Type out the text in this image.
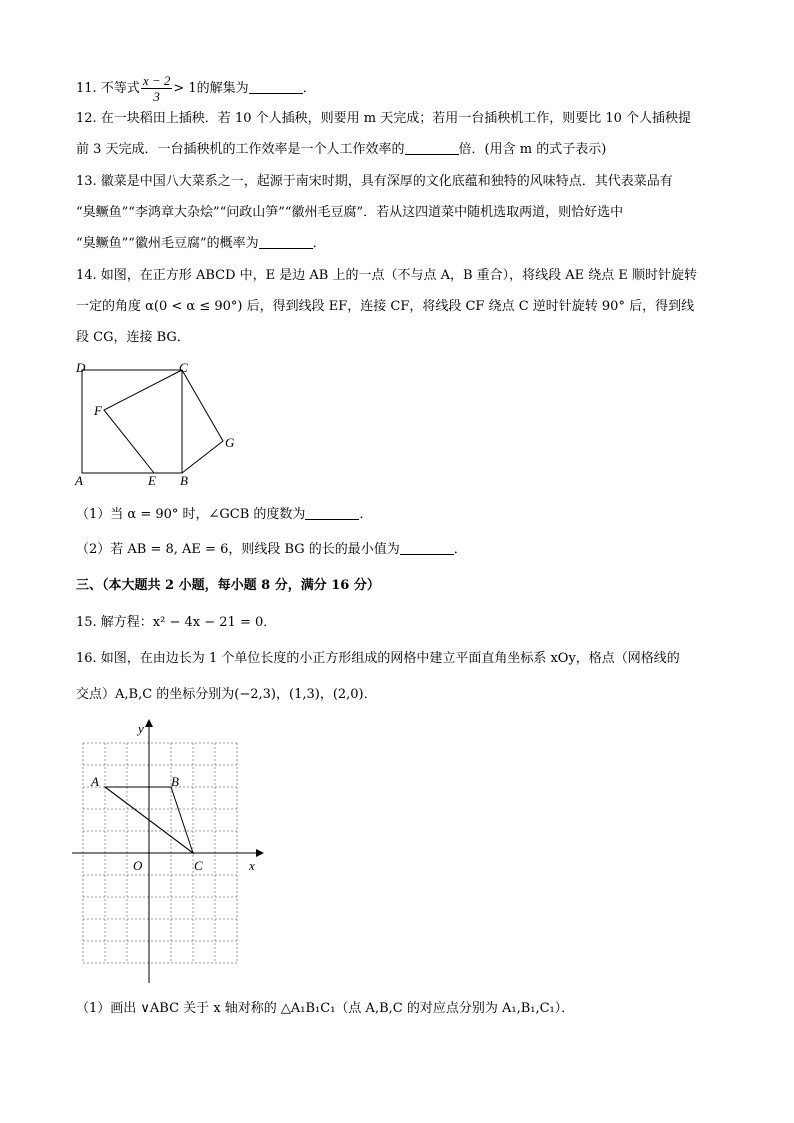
11. 不等式 $\frac{x - 2}{3} > 1$的解集为	．
12. 在一块稻田上插秧．若 10 个人插秧，则要用 m 天完成；若用一台插秧机工作，则要比 10 个人插秧提
前 3 天完成．一台插秧机的工作效率是一个人工作效率的	倍．(用含 m 的式子表示)
13. 徽菜是中国八大菜系之一，起源于南宋时期，具有深厚的文化底蕴和独特的风味特点．其代表菜品有
“臭鳜鱼”“李鸿章大杂烩”“问政山笋”“徽州毛豆腐”．若从这四道菜中随机选取两道，则恰好选中
“臭鳜鱼”“徽州毛豆腐”的概率为	．
14. 如图，在正方形 ABCD 中，E 是边 AB 上的一点（不与点 A，B 重合），将线段 AE 绕点 E 顺时针旋转
一定的角度 α(0 < α ≤ 90°) 后，得到线段 EF，连接 CF，将线段 CF 绕点 C 逆时针旋转 90° 后，得到线
段 CG，连接 BG．
D	C
F
G
A	E B
（1）当 α = 90° 时，∠GCB 的度数为	．
（2）若 AB = 8, AE = 6，则线段 BG 的长的最小值为	．
三、（本大题共 2 小题，每小题 8 分，满分 16 分）
15. 解方程：x² − 4x − 21 = 0．
16. 如图，在由边长为 1 个单位长度的小正方形组成的网格中建立平面直角坐标系 xOy，格点（网格线的
交点）A,B,C 的坐标分别为(−2,3)，(1,3)，(2,0)．
y
x
O
A	B
C
（1）画出 ∨ABC 关于 x 轴对称的 △A₁B₁C₁（点 A,B,C 的对应点分别为 A₁,B₁,C₁）．
